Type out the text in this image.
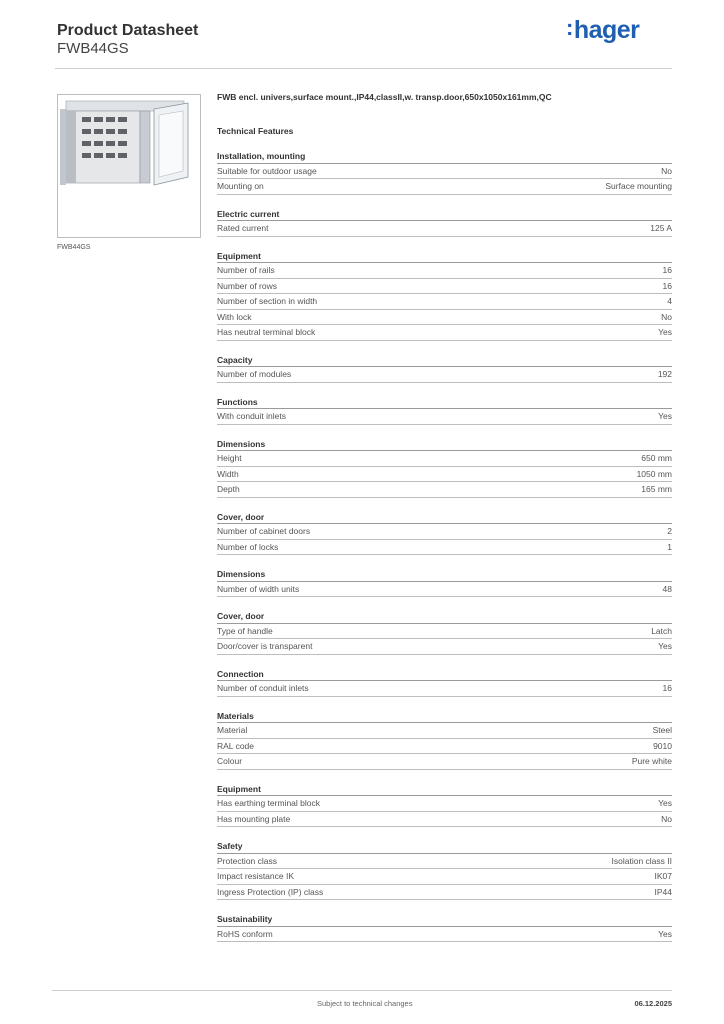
Product Datasheet
FWB44GS
:hager
FWB44GS
FWB encl. univers,surface mount.,IP44,classII,w. transp.door,650x1050x161mm,QC
Technical Features
Installation, mounting
Suitable for outdoor usage	No
Mounting on	Surface mounting
Electric current
Rated current	125 A
Equipment
Number of rails	16
Number of rows	16
Number of section in width	4
With lock	No
Has neutral terminal block	Yes
Capacity
Number of modules	192
Functions
With conduit inlets	Yes
Dimensions
Height	650 mm
Width	1050 mm
Depth	165 mm
Cover, door
Number of cabinet doors	2
Number of locks	1
Dimensions
Number of width units	48
Cover, door
Type of handle	Latch
Door/cover is transparent	Yes
Connection
Number of conduit inlets	16
Materials
Material	Steel
RAL code	9010
Colour	Pure white
Equipment
Has earthing terminal block	Yes
Has mounting plate	No
Safety
Protection class	Isolation class II
Impact resistance IK	IK07
Ingress Protection (IP) class	IP44
Sustainability
RoHS conform	Yes
Subject to technical changes	06.12.2025
